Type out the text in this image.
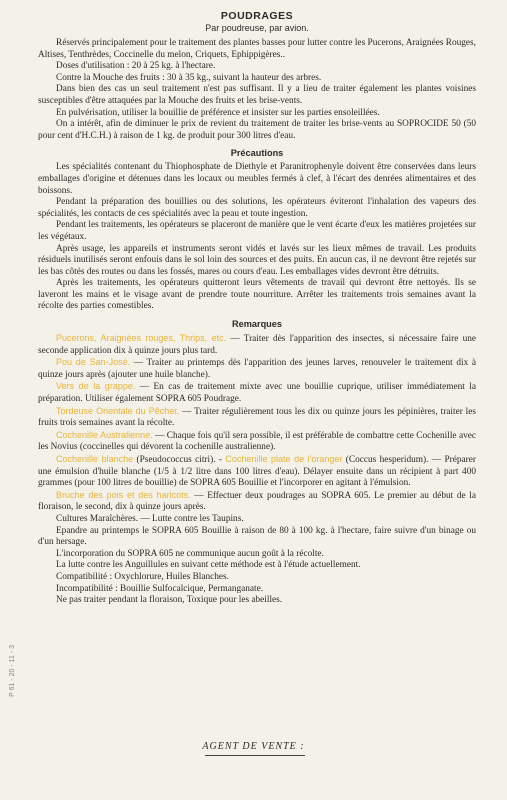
P 61 - 20 - 11 - 3
POUDRAGES
Par poudreuse, par avion.

Réservés principalement pour le traitement des plantes basses pour lutter contre les Pucerons, Araignées Rouges, Altises, Tenthrèdes, Coccinelle du melon, Criquets, Ephippigères..

Doses d'utilisation : 20 à 25 kg. à l'hectare.

Contre la Mouche des fruits : 30 à 35 kg., suivant la hauteur des arbres.

Dans bien des cas un seul traitement n'est pas suffisant. Il y a lieu de traiter également les plantes voisines susceptibles d'être attaquées par la Mouche des fruits et les brise-vents.

En pulvérisation, utiliser la bouillie de préférence et insister sur les parties ensoleillées.

On a intérêt, afin de diminuer le prix de revient du traitement de traiter les brise-vents au SOPROCIDE 50 (50 pour cent d'H.C.H.) à raison de 1 kg. de produit pour 300 litres d'eau.

Précautions

Les spécialités contenant du Thiophosphate de Diethyle et Paranitrophenyle doivent être conservées dans leurs emballages d'origine et détenues dans les locaux ou meubles fermés à clef, à l'écart des denrées alimentaires et des boissons.

Pendant la préparation des bouillies ou des solutions, les opérateurs éviteront l'inhalation des vapeurs des spécialités, les contacts de ces spécialités avec la peau et toute ingestion.

Pendant les traitements, les opérateurs se placeront de manière que le vent écarte d'eux les matières projetées sur les végétaux.

Après usage, les appareils et instruments seront vidés et lavés sur les lieux mêmes de travail. Les produits résiduels inutilisés seront enfouis dans le sol loin des sources et des puits. En aucun cas, il ne devront être rejetés sur les bas côtés des routes ou dans les fossés, mares ou cours d'eau. Les emballages vides devront être détruits.

Après les traitements, les opérateurs quitteront leurs vêtements de travail qui devront être nettoyés. Ils se laveront les mains et le visage avant de prendre toute nourriture. Arrêter les traitements trois semaines avant la récolte des parties comestibles.

Remarques

Pucerons, Araignées rouges, Thrips, etc. — Traiter dès l'apparition des insectes, si nécessaire faire une seconde application dix à quinze jours plus tard.

Pou de San-José. — Traiter au printemps dès l'apparition des jeunes larves, renouveler le traitement dix à quinze jours après (ajouter une huile blanche).

Vers de la grappe. — En cas de traitement mixte avec une bouillie cuprique, utiliser immédiatement la préparation. Utiliser également SOPRA 605 Poudrage.

Tordeuse Orientale du Pêcher. — Traiter régulièrement tous les dix ou quinze jours les pépinières, traiter les fruits trois semaines avant la récolte.

Cochenille Australienne. — Chaque fois qu'il sera possible, il est préférable de combattre cette Cochenille avec les Novius (coccinelles qui dévorent la cochenille australienne).

Cochenille blanche (Pseudococcus citri). - Cochenille plate de l'oranger (Coccus hesperidum). — Préparer une émulsion d'huile blanche (1/5 à 1/2 litre dans 100 litres d'eau). Délayer ensuite dans un récipient à part 400 grammes (pour 100 litres de bouillie) de SOPRA 605 Bouillie et l'incorporer en agitant à l'émulsion.

Bruche des pois et des haricots. — Effectuer deux poudrages au SOPRA 605. Le premier au début de la floraison, le second, dix à quinze jours après.

Cultures Maraîchères. — Lutte contre les Taupins.

Epandre au printemps le SOPRA 605 Bouillie à raison de 80 à 100 kg. à l'hectare, faire suivre d'un binage ou d'un hersage.

L'incorporation du SOPRA 605 ne communique aucun goût à la récolte.

La lutte contre les Anguillules en suivant cette méthode est à l'étude actuellement.

Compatibilité : Oxychlorure, Huiles Blanches.

Incompatibilité : Bouillie Sulfocalcique, Permanganate.

Ne pas traiter pendant la floraison, Toxique pour les abeilles.

AGENT DE VENTE :
